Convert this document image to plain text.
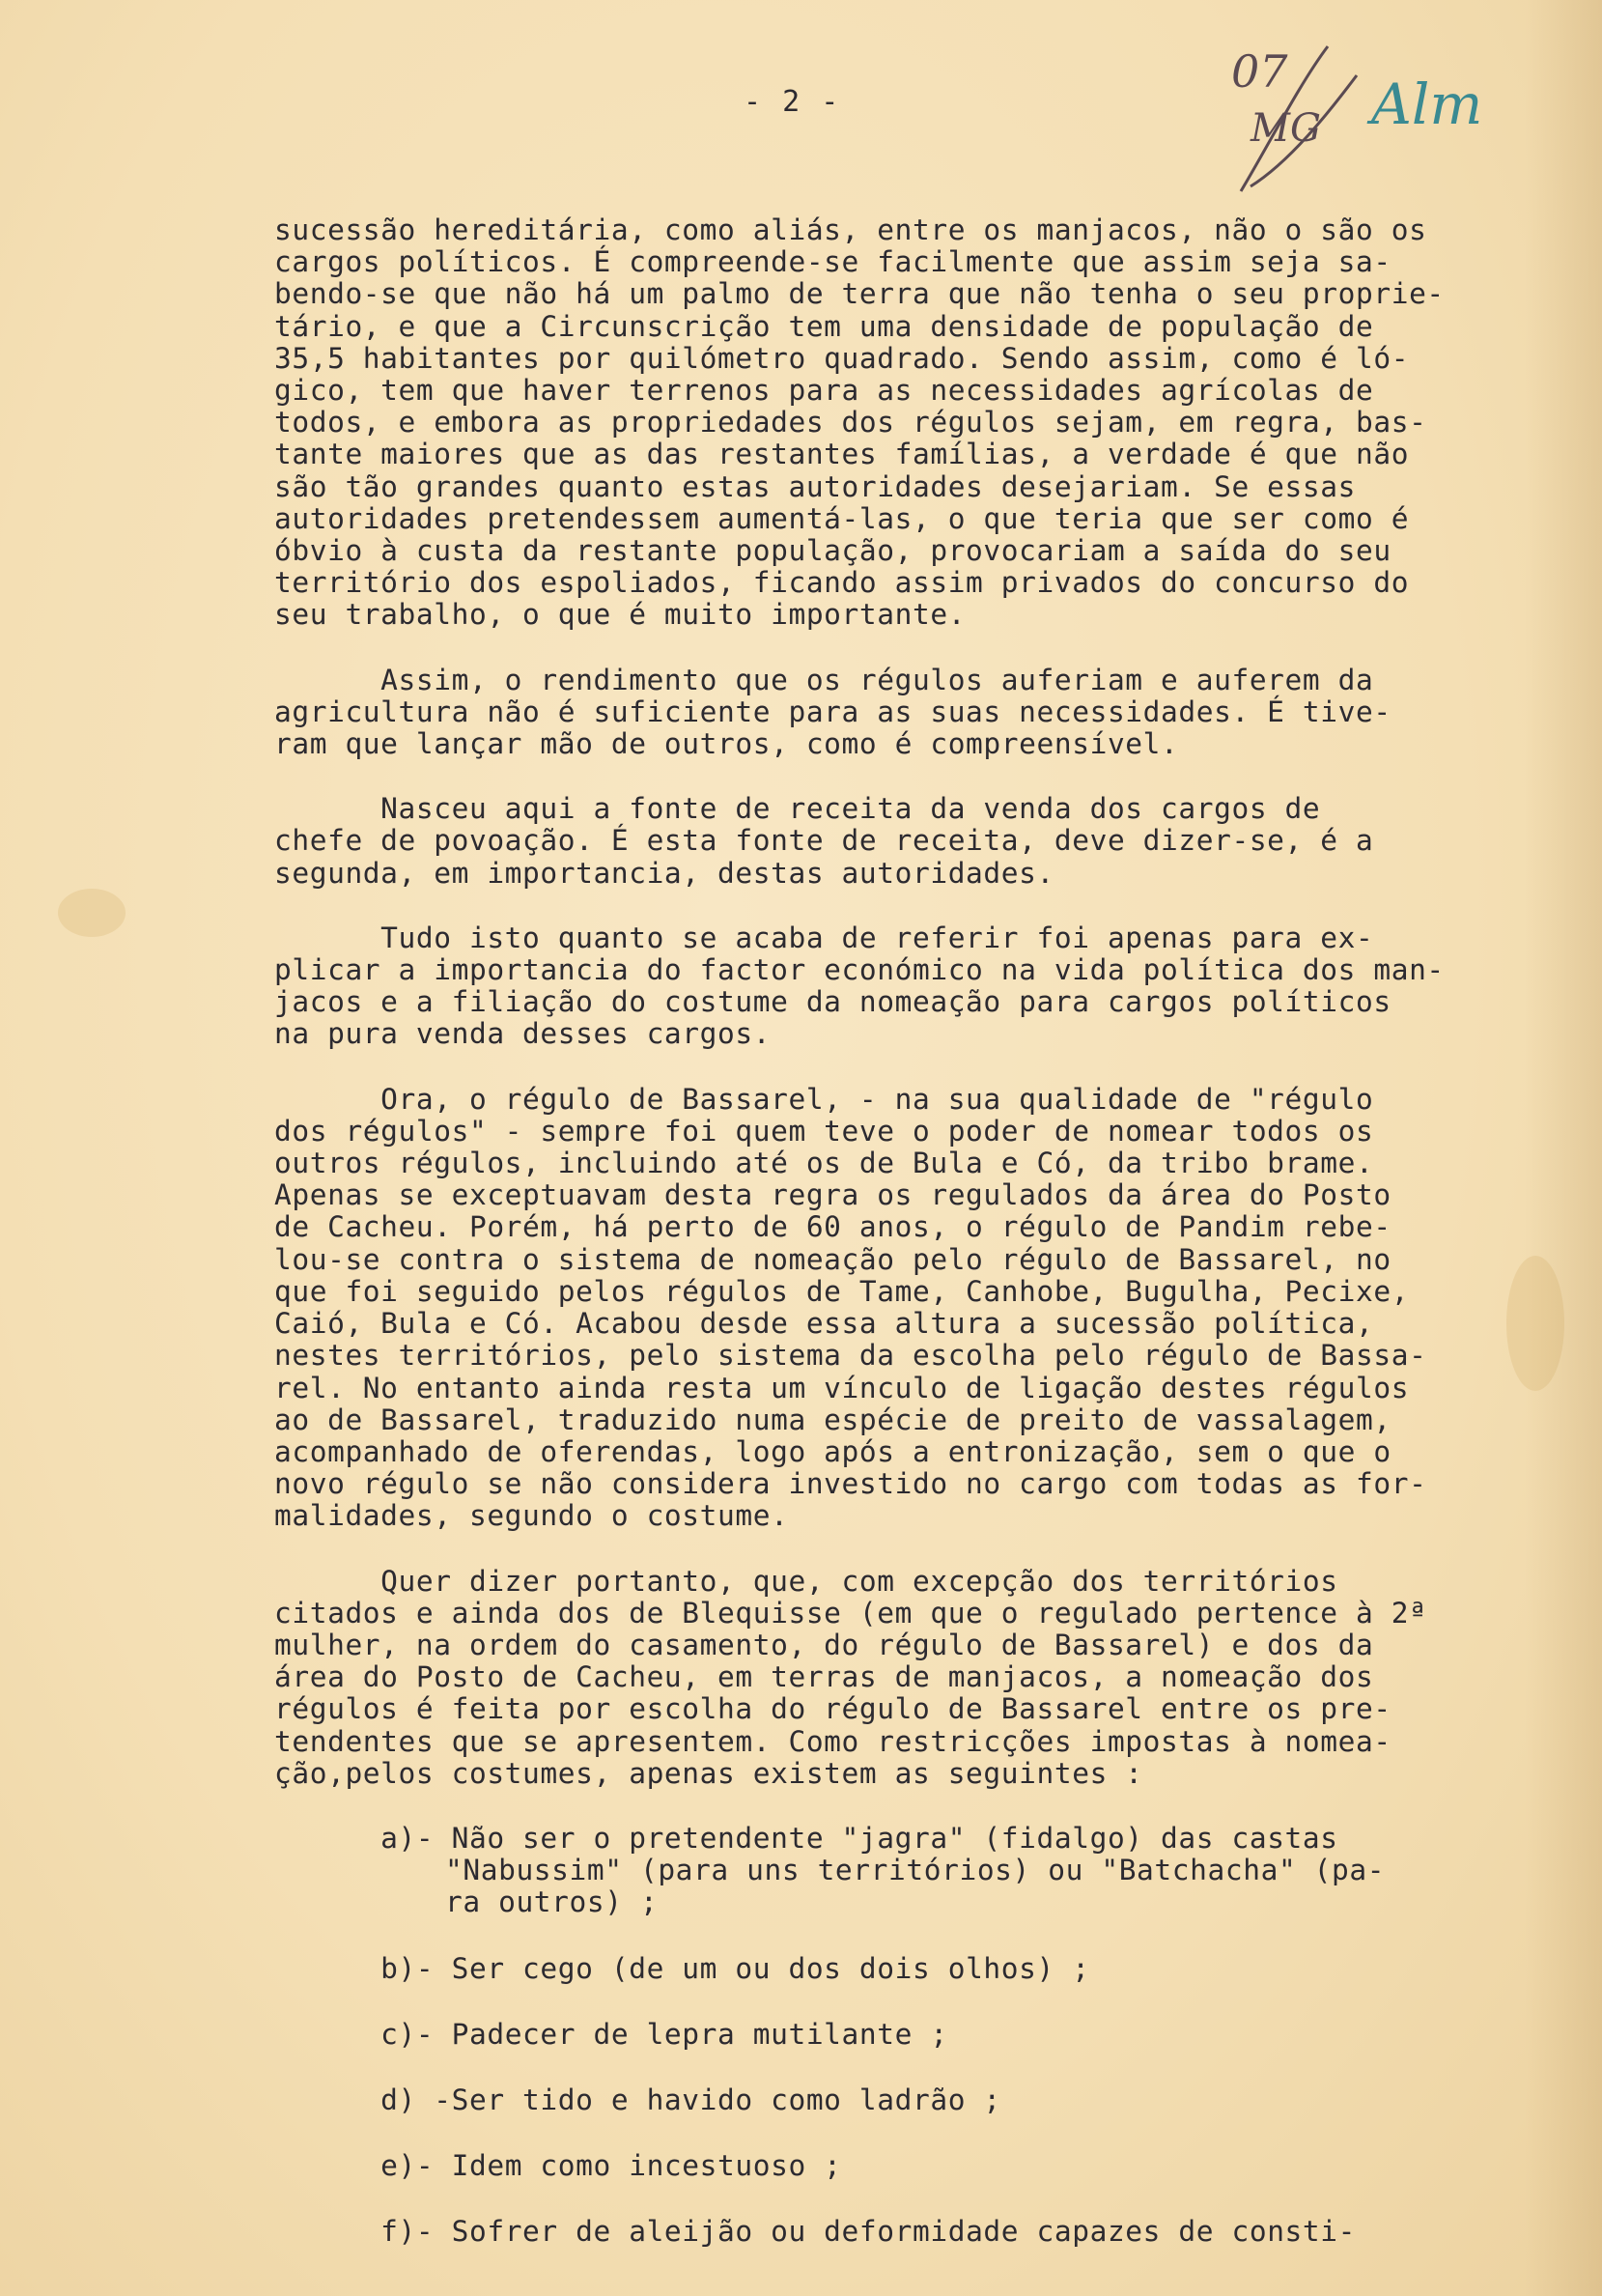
- 2 -
07
MG Alm
sucessão hereditária, como aliás, entre os manjacos, não o são os
cargos políticos. É compreende-se facilmente que assim seja sa-
bendo-se que não há um palmo de terra que não tenha o seu proprie-
tário, e que a Circunscrição tem uma densidade de população de
35,5 habitantes por quilómetro quadrado. Sendo assim, como é ló-
gico, tem que haver terrenos para as necessidades agrícolas de
todos, e embora as propriedades dos régulos sejam, em regra, bas-
tante maiores que as das restantes famílias, a verdade é que não
são tão grandes quanto estas autoridades desejariam. Se essas
autoridades pretendessem aumentá-las, o que teria que ser como é
óbvio à custa da restante população, provocariam a saída do seu
território dos espoliados, ficando assim privados do concurso do
seu trabalho, o que é muito importante.
Assim, o rendimento que os régulos auferiam e auferem da
agricultura não é suficiente para as suas necessidades. É tive-
ram que lançar mão de outros, como é compreensível.
Nasceu aqui a fonte de receita da venda dos cargos de
chefe de povoação. É esta fonte de receita, deve dizer-se, é a
segunda, em importancia, destas autoridades.
Tudo isto quanto se acaba de referir foi apenas para ex-
plicar a importancia do factor económico na vida política dos man-
jacos e a filiação do costume da nomeação para cargos políticos
na pura venda desses cargos.
Ora, o régulo de Bassarel, - na sua qualidade de "régulo
dos régulos" - sempre foi quem teve o poder de nomear todos os
outros régulos, incluindo até os de Bula e Có, da tribo brame.
Apenas se exceptuavam desta regra os regulados da área do Posto
de Cacheu. Porém, há perto de 60 anos, o régulo de Pandim rebe-
lou-se contra o sistema de nomeação pelo régulo de Bassarel, no
que foi seguido pelos régulos de Tame, Canhobe, Bugulha, Pecixe,
Caió, Bula e Có. Acabou desde essa altura a sucessão política,
nestes territórios, pelo sistema da escolha pelo régulo de Bassa-
rel. No entanto ainda resta um vínculo de ligação destes régulos
ao de Bassarel, traduzido numa espécie de preito de vassalagem,
acompanhado de oferendas, logo após a entronização, sem o que o
novo régulo se não considera investido no cargo com todas as for-
malidades, segundo o costume.
Quer dizer portanto, que, com excepção dos territórios
citados e ainda dos de Blequisse (em que o regulado pertence à 2ª
mulher, na ordem do casamento, do régulo de Bassarel) e dos da
área do Posto de Cacheu, em terras de manjacos, a nomeação dos
régulos é feita por escolha do régulo de Bassarel entre os pre-
tendentes que se apresentem. Como restricções impostas à nomea-
ção,pelos costumes, apenas existem as seguintes :
a)- Não ser o pretendente "jagra" (fidalgo) das castas
"Nabussim" (para uns territórios) ou "Batchacha" (pa-
ra outros) ;
b)- Ser cego (de um ou dos dois olhos) ;
c)- Padecer de lepra mutilante ;
d) -Ser tido e havido como ladrão ;
e)- Idem como incestuoso ;
f)- Sofrer de aleijão ou deformidade capazes de consti-
